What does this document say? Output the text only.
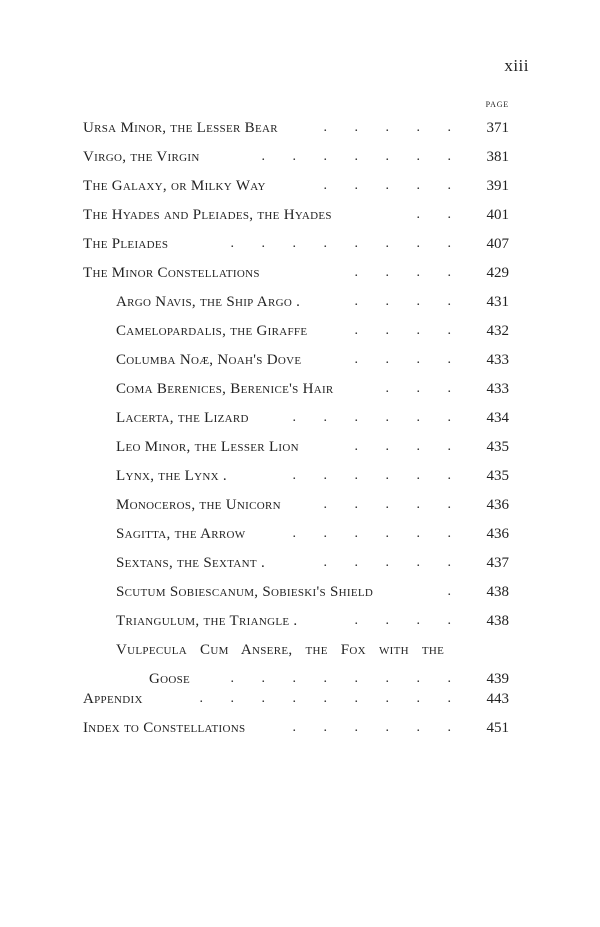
xiii
PAGE
Ursa Minor, the Lesser Bear	. . . . .	371
Virgo, the Virgin	. . . . . . .	381
The Galaxy, or Milky Way	. . . . .	391
The Hyades and Pleiades, the Hyades	. .	401
The Pleiades	. . . . . . . .	407
The Minor Constellations	. . . .	429
Argo Navis, the Ship Argo .	. . . .	431
Camelopardalis, the Giraffe	. . . .	432
Columba Noæ, Noah's Dove	. . . .	433
Coma Berenices, Berenice's Hair	. . .	433
Lacerta, the Lizard	. . . . . .	434
Leo Minor, the Lesser Lion	. . . .	435
Lynx, the Lynx .	. . . . . .	435
Monoceros, the Unicorn	. . . . .	436
Sagitta, the Arrow	. . . . . .	436
Sextans, the Sextant .	. . . . .	437
Scutum Sobiescanum, Sobieski's Shield	.	438
Triangulum, the Triangle .	. . . .	438
Vulpecula Cum Ansere, the Fox with the
Goose	. . . . . . . .	439
Appendix	. . . . . . . . .	443
Index to Constellations	. . . . . .	451
